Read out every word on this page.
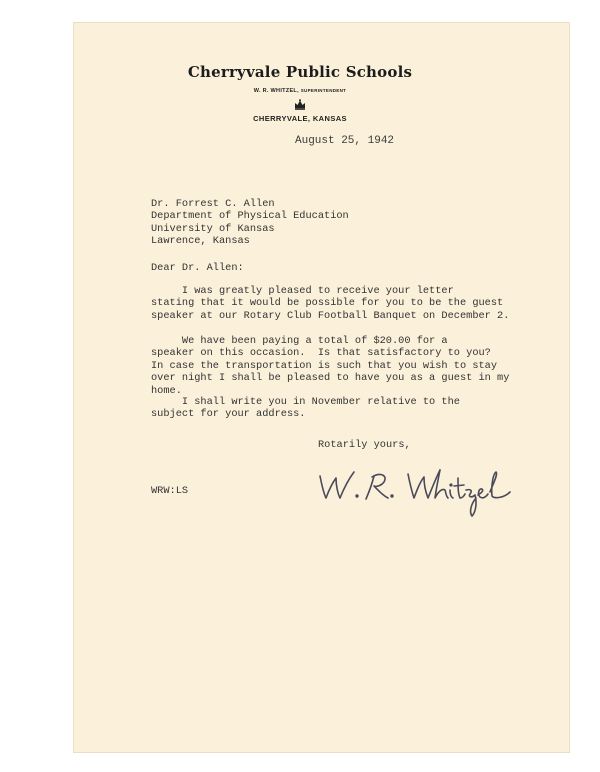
Cherryvale Public Schools
W. R. WHITZEL, SUPERINTENDENT
CHERRYVALE, KANSAS
August 25, 1942
Dr. Forrest C. Allen
Department of Physical Education
University of Kansas
Lawrence, Kansas
Dear Dr. Allen:
I was greatly pleased to receive your letter
stating that it would be possible for you to be the guest
speaker at our Rotary Club Football Banquet on December 2.
We have been paying a total of $20.00 for a
speaker on this occasion.  Is that satisfactory to you?
In case the transportation is such that you wish to stay
over night I shall be pleased to have you as a guest in my
home.
I shall write you in November relative to the
subject for your address.
Rotarily yours,
WRW:LS
